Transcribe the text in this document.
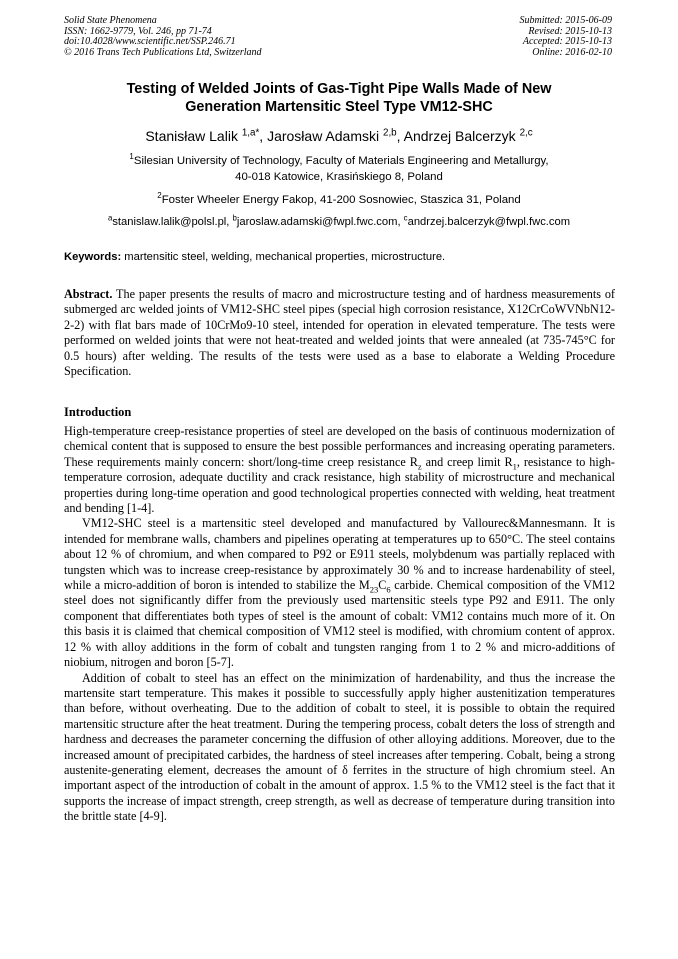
Solid State Phenomena
ISSN: 1662-9779, Vol. 246, pp 71-74
doi:10.4028/www.scientific.net/SSP.246.71
© 2016 Trans Tech Publications Ltd, Switzerland
Submitted: 2015-06-09
Revised: 2015-10-13
Accepted: 2015-10-13
Online: 2016-02-10
Testing of Welded Joints of Gas-Tight Pipe Walls Made of New
Generation Martensitic Steel Type VM12-SHC
Stanisław Lalik $^{1,a*}$, Jarosław Adamski $^{2,b}$, Andrzej Balcerzyk $^{2,c}$
$^1$Silesian University of Technology, Faculty of Materials Engineering and Metallurgy,
40-018 Katowice, Krasińskiego 8, Poland
$^2$Foster Wheeler Energy Fakop, 41-200 Sosnowiec, Staszica 31, Poland
$^a$stanislaw.lalik@polsl.pl, $^b$jaroslaw.adamski@fwpl.fwc.com, $^c$andrzej.balcerzyk@fwpl.fwc.com
Keywords: martensitic steel, welding, mechanical properties, microstructure.
Abstract. The paper presents the results of macro and microstructure testing and of hardness measurements of submerged arc welded joints of VM12-SHC steel pipes (special high corrosion resistance, X12CrCoWVNbN12-2-2) with flat bars made of 10CrMo9-10 steel, intended for operation in elevated temperature. The tests were performed on welded joints that were not heat-treated and welded joints that were annealed (at 735-745°C for 0.5 hours) after welding. The results of the tests were used as a base to elaborate a Welding Procedure Specification.
Introduction

High-temperature creep-resistance properties of steel are developed on the basis of continuous modernization of chemical content that is supposed to ensure the best possible performances and increasing operating parameters. These requirements mainly concern: short/long-time creep resistance $R_z$ and creep limit $R_1$, resistance to high-temperature corrosion, adequate ductility and crack resistance, high stability of microstructure and mechanical properties during long-time operation and good technological properties connected with welding, heat treatment and bending [1-4].

VM12-SHC steel is a martensitic steel developed and manufactured by Vallourec&Mannesmann. It is intended for membrane walls, chambers and pipelines operating at temperatures up to 650°C. The steel contains about 12 % of chromium, and when compared to P92 or E911 steels, molybdenum was partially replaced with tungsten which was to increase creep-resistance by approximately 30 % and to increase hardenability of steel, while a micro-addition of boron is intended to stabilize the $M_{23}C_6$ carbide. Chemical composition of the VM12 steel does not significantly differ from the previously used martensitic steels type P92 and E911. The only component that differentiates both types of steel is the amount of cobalt: VM12 contains much more of it. On this basis it is claimed that chemical composition of VM12 steel is modified, with chromium content of approx. 12 % with alloy additions in the form of cobalt and tungsten ranging from 1 to 2 % and micro-additions of niobium, nitrogen and boron [5-7].

Addition of cobalt to steel has an effect on the minimization of hardenability, and thus the increase the martensite start temperature. This makes it possible to successfully apply higher austenitization temperatures than before, without overheating. Due to the addition of cobalt to steel, it is possible to obtain the required martensitic structure after the heat treatment. During the tempering process, cobalt deters the loss of strength and hardness and decreases the parameter concerning the diffusion of other alloying additions. Moreover, due to the increased amount of precipitated carbides, the hardness of steel increases after tempering. Cobalt, being a strong austenite-generating element, decreases the amount of δ ferrites in the structure of high chromium steel. An important aspect of the introduction of cobalt in the amount of approx. 1.5 % to the VM12 steel is the fact that it supports the increase of impact strength, creep strength, as well as decrease of temperature during transition into the brittle state [4-9].
